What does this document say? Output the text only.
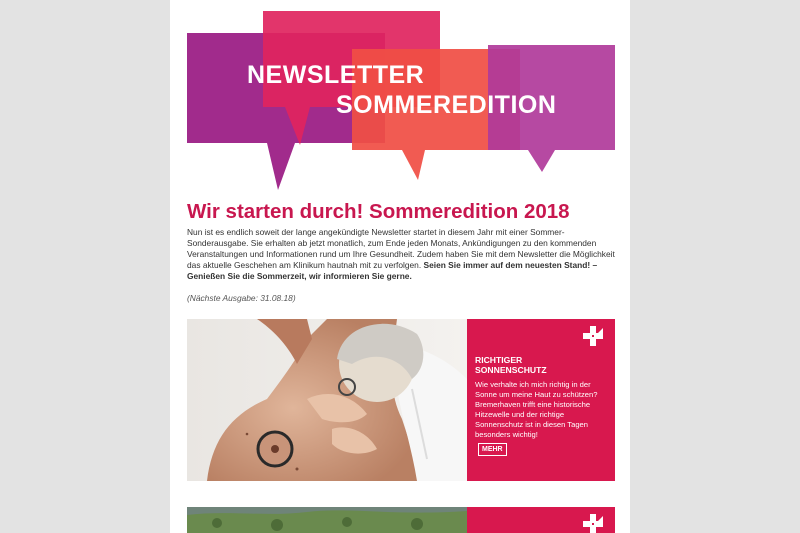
NEWSLETTER
SOMMEREDITION
Wir starten durch! Sommeredition 2018

Nun ist es endlich soweit der lange angekündigte Newsletter startet in diesem Jahr mit einer Sommer-Sonderausgabe. Sie erhalten ab jetzt monatlich, zum Ende jeden Monats, Ankündigungen zu den kommenden Veranstaltungen und Informationen rund um Ihre Gesundheit. Zudem haben Sie mit dem Newsletter die Möglichkeit das aktuelle Geschehen am Klinikum hautnah mit zu verfolgen. Seien Sie immer auf dem neuesten Stand! – Genießen Sie die Sommerzeit, wir informieren Sie gerne.

(Nächste Ausgabe: 31.08.18)

RICHTIGER
SONNENSCHUTZ

Wie verhalte ich mich richtig in der Sonne um meine Haut zu schützen? Bremerhaven trifft eine historische Hitzewelle und der richtige Sonnenschutz ist in diesen Tagen besonders wichtig!

MEHR
